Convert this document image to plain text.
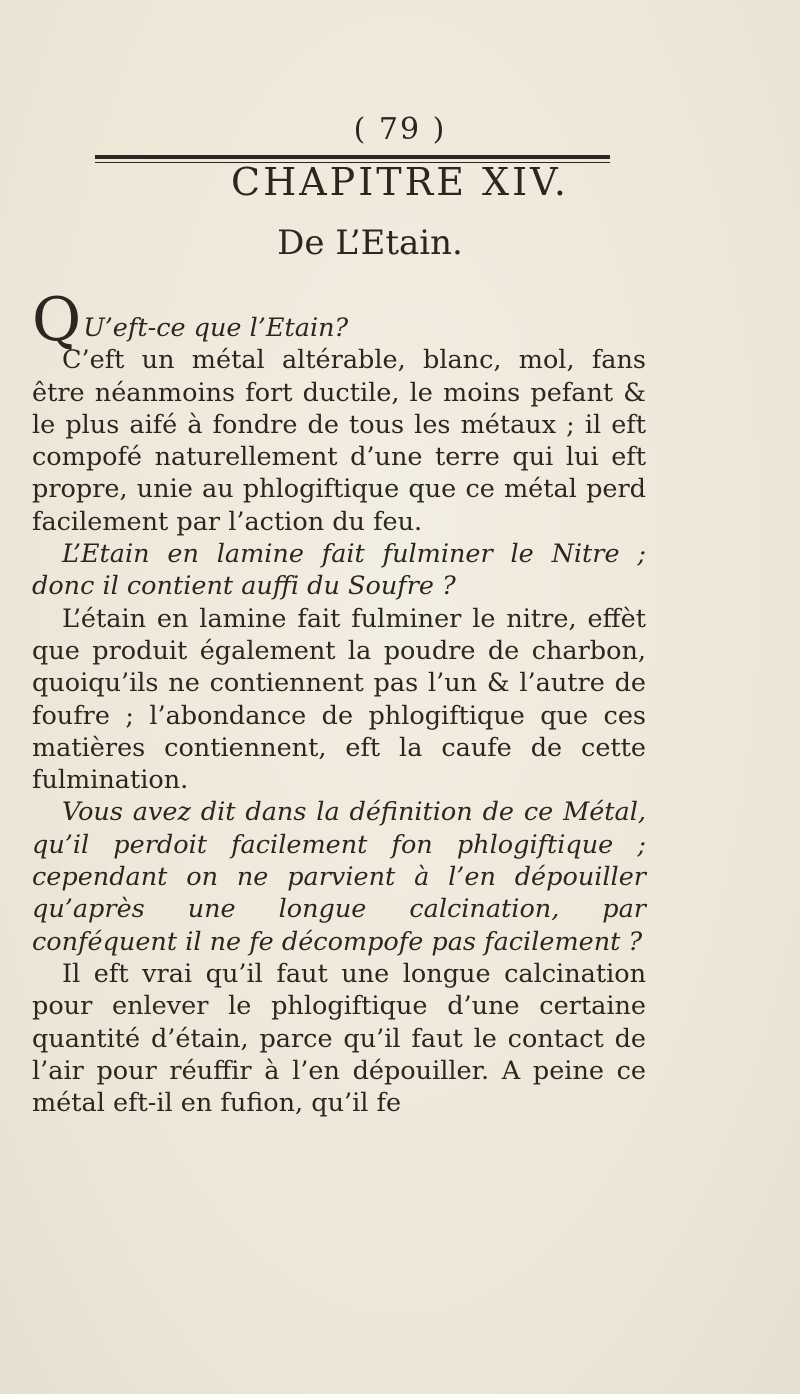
( 79 )
CHAPITRE XIV.
De L’Etain.

QU’eft-ce que l’Etain?

C’eft un métal altérable, blanc, mol, fans être néanmoins fort ductile, le moins pefant & le plus aifé à fondre de tous les métaux ; il eft compofé naturellement d’une terre qui lui eft propre, unie au phlogiftique que ce métal perd facilement par l’action du feu.

L’Etain en lamine fait fulminer le Nitre ; donc il contient auffi du Soufre ?

L’étain en lamine fait fulminer le nitre, effèt que produit également la poudre de charbon, quoiqu’ils ne contiennent pas l’un & l’autre de foufre ; l’abondance de phlogiftique que ces matières contiennent, eft la caufe de cette fulmination.

Vous avez dit dans la définition de ce Métal, qu’il perdoit facilement fon phlogiftique ; cependant on ne parvient à l’en dépouiller qu’après une longue calcination, par conféquent il ne fe décompofe pas facilement ?

Il eft vrai qu’il faut une longue calcination pour enlever le phlogiftique d’une certaine quantité d’étain, parce qu’il faut le contact de l’air pour réuffir à l’en dépouiller. A peine ce métal eft-il en fufion, qu’il fe
